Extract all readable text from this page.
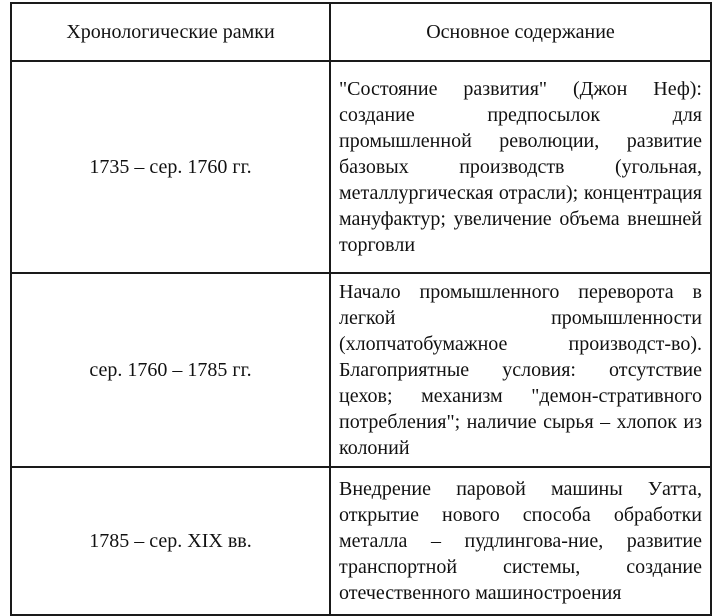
Хронологические рамки	Основное содержание
1735 – сер. 1760 гг.	"Состояние развития" (Джон Неф): создание предпосылок для промышленной революции, развитие базовых производств (угольная, металлургическая отрасли); концентрация мануфактур; увеличение объема внешней торговли
сер. 1760 – 1785 гг.	Начало промышленного переворота в легкой промышленности (хлопчатобумажное производст-во). Благоприятные условия: отсутствие цехов; механизм "демон-стративного потребления"; наличие сырья – хлопок из колоний
1785 – сер. XIX вв.	Внедрение паровой машины Уатта, открытие нового способа обработки металла – пудлингова-ние, развитие транспортной системы, создание отечественного машиностроения
